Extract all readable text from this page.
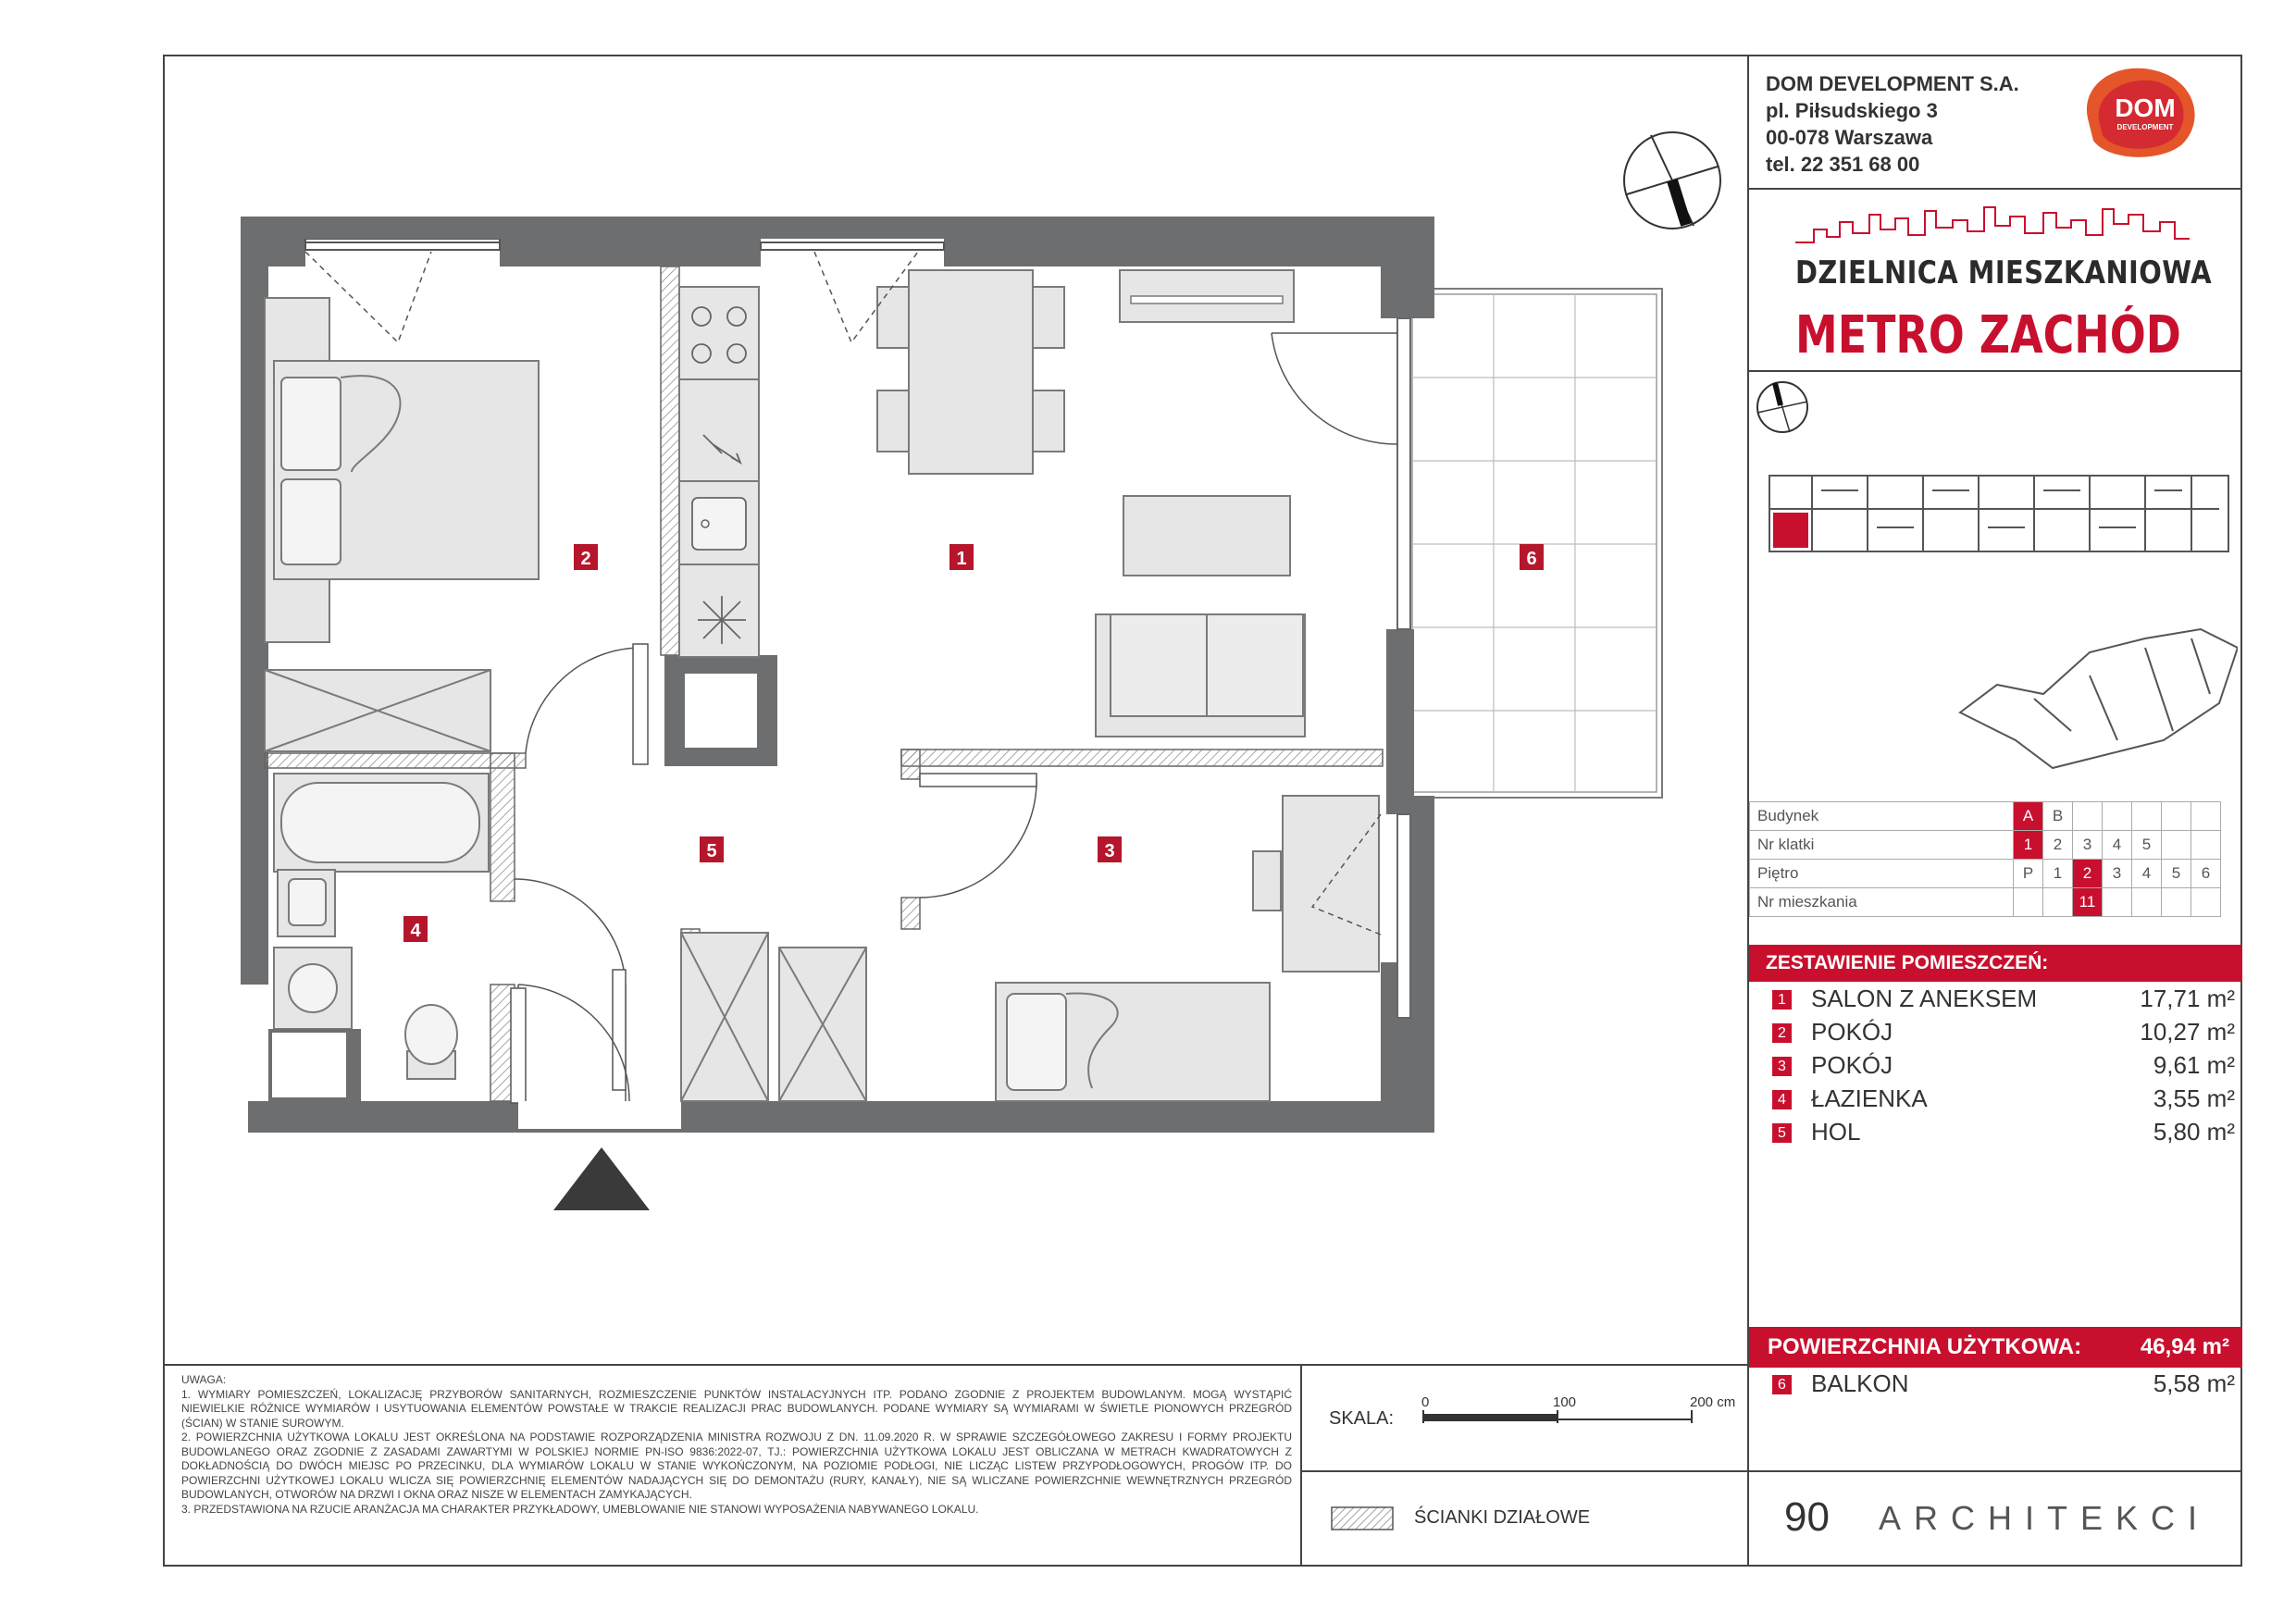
DOM DEVELOPMENT S.A.
pl. Piłsudskiego 3
00-078 Warszawa
tel. 22 351 68 00
DOM
DEVELOPMENT
DZIELNICA MIESZKANIOWA
METRO ZACHÓD
Budynek	A	B					
Nr klatki	1	2	3	4	5		
Piętro	P	1	2	3	4	5	6
Nr mieszkania			11				
ZESTAWIENIE POMIESZCZEŃ:
1 SALON Z ANEKSEM	17,71 m²
2 POKÓJ	10,27 m²
3 POKÓJ	9,61 m²
4 ŁAZIENKA	3,55 m²
5 HOL	5,80 m²
POWIERZCHNIA UŻYTKOWA:	46,94 m²
6 BALKON	5,58 m²

UWAGA:

1. WYMIARY POMIESZCZEŃ, LOKALIZACJĘ PRZYBORÓW SANITARNYCH, ROZMIESZCZENIE PUNKTÓW INSTALACYJNYCH ITP. PODANO ZGODNIE Z PROJEKTEM BUDOWLANYM. MOGĄ WYSTĄPIĆ NIEWIELKIE RÓŻNICE WYMIARÓW I USYTUOWANIA ELEMENTÓW POWSTAŁE W TRAKCIE REALIZACJI PRAC BUDOWLANYCH. PODANE WYMIARY SĄ WYMIARAMI W ŚWIETLE PIONOWYCH PRZEGRÓD (ŚCIAN) W STANIE SUROWYM.

2. POWIERZCHNIA UŻYTKOWA LOKALU JEST OKREŚLONA NA PODSTAWIE ROZPORZĄDZENIA MINISTRA ROZWOJU Z DN. 11.09.2020 R. W SPRAWIE SZCZEGÓŁOWEGO ZAKRESU I FORMY PROJEKTU BUDOWLANEGO ORAZ ZGODNIE Z ZASADAMI ZAWARTYMI W POLSKIEJ NORMIE PN-ISO 9836:2022-07, TJ.: POWIERZCHNIA UŻYTKOWA LOKALU JEST OBLICZANA W METRACH KWADRATOWYCH Z DOKŁADNOŚCIĄ DO DWÓCH MIEJSC PO PRZECINKU, DLA WYMIARÓW LOKALU W STANIE WYKOŃCZONYM, NA POZIOMIE PODŁOGI, NIE LICZĄC LISTEW PRZYPODŁOGOWYCH, PROGÓW ITP. DO POWIERZCHNI UŻYTKOWEJ LOKALU WLICZA SIĘ POWIERZCHNIĘ ELEMENTÓW NADAJĄCYCH SIĘ DO DEMONTAŻU (RURY, KANAŁY), NIE SĄ WLICZANE POWIERZCHNIE WEWNĘTRZNYCH PRZEGRÓD BUDOWLANYCH, OTWORÓW NA DRZWI I OKNA ORAZ NISZE W ELEMENTACH ZAMYKAJĄCYCH.

3. PRZEDSTAWIONA NA RZUCIE ARANŻACJA MA CHARAKTER PRZYKŁADOWY, UMEBLOWANIE NIE STANOWI WYPOSAŻENIA NABYWANEGO LOKALU.

SKALA:
0	100	200 cm
ŚCIANKI DZIAŁOWE	90 ARCHITEKCI
1
2
3
4
5
6
